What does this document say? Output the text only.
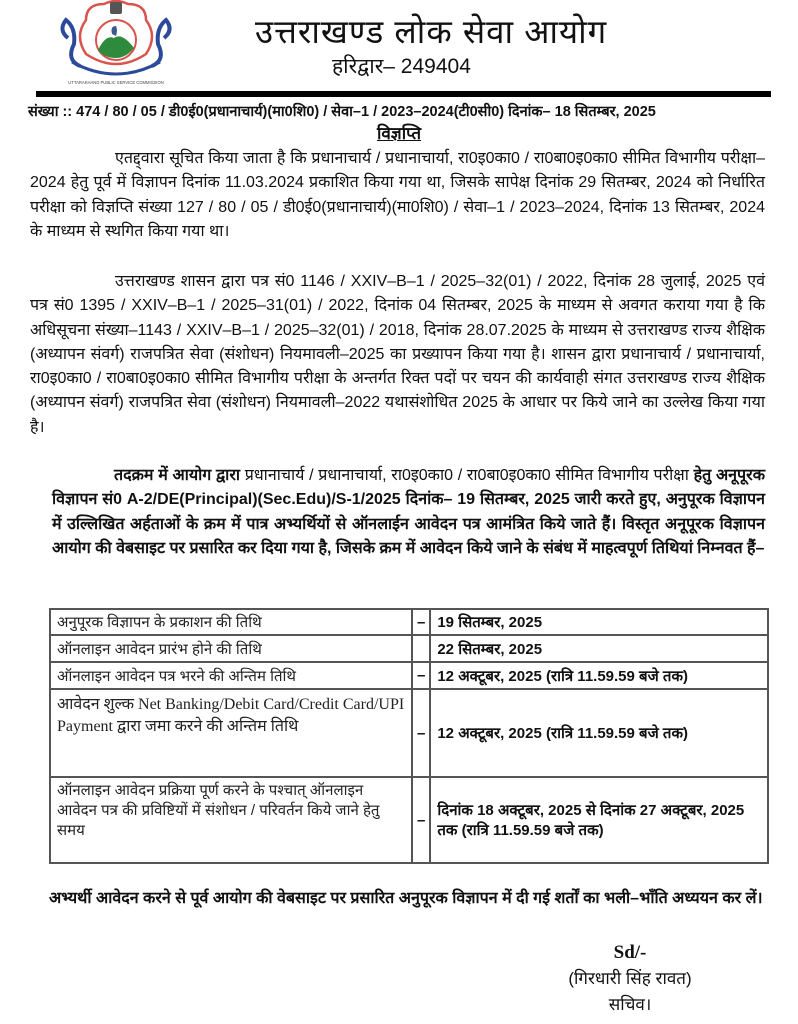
UTTARAKHAND PUBLIC SERVICE COMMISSION
उत्तराखण्ड लोक सेवा आयोग
हरिद्वार– 249404
संख्या :: 474 / 80 / 05 / डी0ई0(प्रधानाचार्य)(मा0शि0) / सेवा–1 / 2023–2024(टी0सी0) दिनांक– 18 सितम्बर, 2025
विज्ञप्ति

एतद्द्वारा सूचित किया जाता है कि प्रधानाचार्य / प्रधानाचार्या, रा0इ0का0 / रा0बा0इ0का0 सीमित विभागीय परीक्षा–2024 हेतु पूर्व में विज्ञापन दिनांक 11.03.2024 प्रकाशित किया गया था, जिसके सापेक्ष दिनांक 29 सितम्बर, 2024 को निर्धारित परीक्षा को विज्ञप्ति संख्या 127 / 80 / 05 / डी0ई0(प्रधानाचार्य)(मा0शि0) / सेवा–1 / 2023–2024, दिनांक 13 सितम्बर, 2024 के माध्यम से स्थगित किया गया था।

उत्तराखण्ड शासन द्वारा पत्र सं0 1146 / XXIV–B–1 / 2025–32(01) / 2022, दिनांक 28 जुलाई, 2025 एवं पत्र सं0 1395 / XXIV–B–1 / 2025–31(01) / 2022, दिनांक 04 सितम्बर, 2025 के माध्यम से अवगत कराया गया है कि अधिसूचना संख्या–1143 / XXIV–B–1 / 2025–32(01) / 2018, दिनांक 28.07.2025 के माध्यम से उत्तराखण्ड राज्य शैक्षिक (अध्यापन संवर्ग) राजपत्रित सेवा (संशोधन) नियमावली–2025 का प्रख्यापन किया गया है। शासन द्वारा प्रधानाचार्य / प्रधानाचार्या, रा0इ0का0 / रा0बा0इ0का0 सीमित विभागीय परीक्षा के अन्तर्गत रिक्त पदों पर चयन की कार्यवाही संगत उत्तराखण्ड राज्य शैक्षिक (अध्यापन संवर्ग) राजपत्रित सेवा (संशोधन) नियमावली–2022 यथासंशोधित 2025 के आधार पर किये जाने का उल्लेख किया गया है।

तदक्रम में आयोग द्वारा प्रधानाचार्य / प्रधानाचार्या, रा0इ0का0 / रा0बा0इ0का0 सीमित विभागीय परीक्षा हेतु अनूपूरक विज्ञापन सं0 A-2/DE(Principal)(Sec.Edu)/S-1/2025 दिनांक– 19 सितम्बर, 2025 जारी करते हुए, अनुपूरक विज्ञापन में उल्लिखित अर्हताओं के क्रम में पात्र अभ्यर्थियों से ऑनलाईन आवेदन पत्र आमंत्रित किये जाते हैं। विस्तृत अनूपूरक विज्ञापन आयोग की वेबसाइट पर प्रसारित कर दिया गया है, जिसके क्रम में आवेदन किये जाने के संबंध में माहत्वपूर्ण तिथियां निम्नवत हैं–

अनुपूरक विज्ञापन के प्रकाशन की तिथि	–	19 सितम्बर, 2025
ऑनलाइन आवेदन प्रारंभ होने की तिथि		22 सितम्बर, 2025
ऑनलाइन आवेदन पत्र भरने की अन्तिम तिथि	–	12 अक्टूबर, 2025 (रात्रि 11.59.59 बजे तक)
आवेदन शुल्क Net Banking/Debit Card/Credit Card/UPI Payment द्वारा जमा करने की अन्तिम तिथि	–	12 अक्टूबर, 2025 (रात्रि 11.59.59 बजे तक)
ऑनलाइन आवेदन प्रक्रिया पूर्ण करने के पश्चात् ऑनलाइन आवेदन पत्र की प्रविष्टियों में संशोधन / परिवर्तन किये जाने हेतु समय	–	दिनांक 18 अक्टूबर, 2025 से दिनांक 27 अक्टूबर, 2025 तक (रात्रि 11.59.59 बजे तक)
अभ्यर्थी आवेदन करने से पूर्व आयोग की वेबसाइट पर प्रसारित अनुपूरक विज्ञापन में दी गई शर्तों का भली–भाँति अध्ययन कर लें।
Sd/-
(गिरधारी सिंह रावत)
सचिव।
